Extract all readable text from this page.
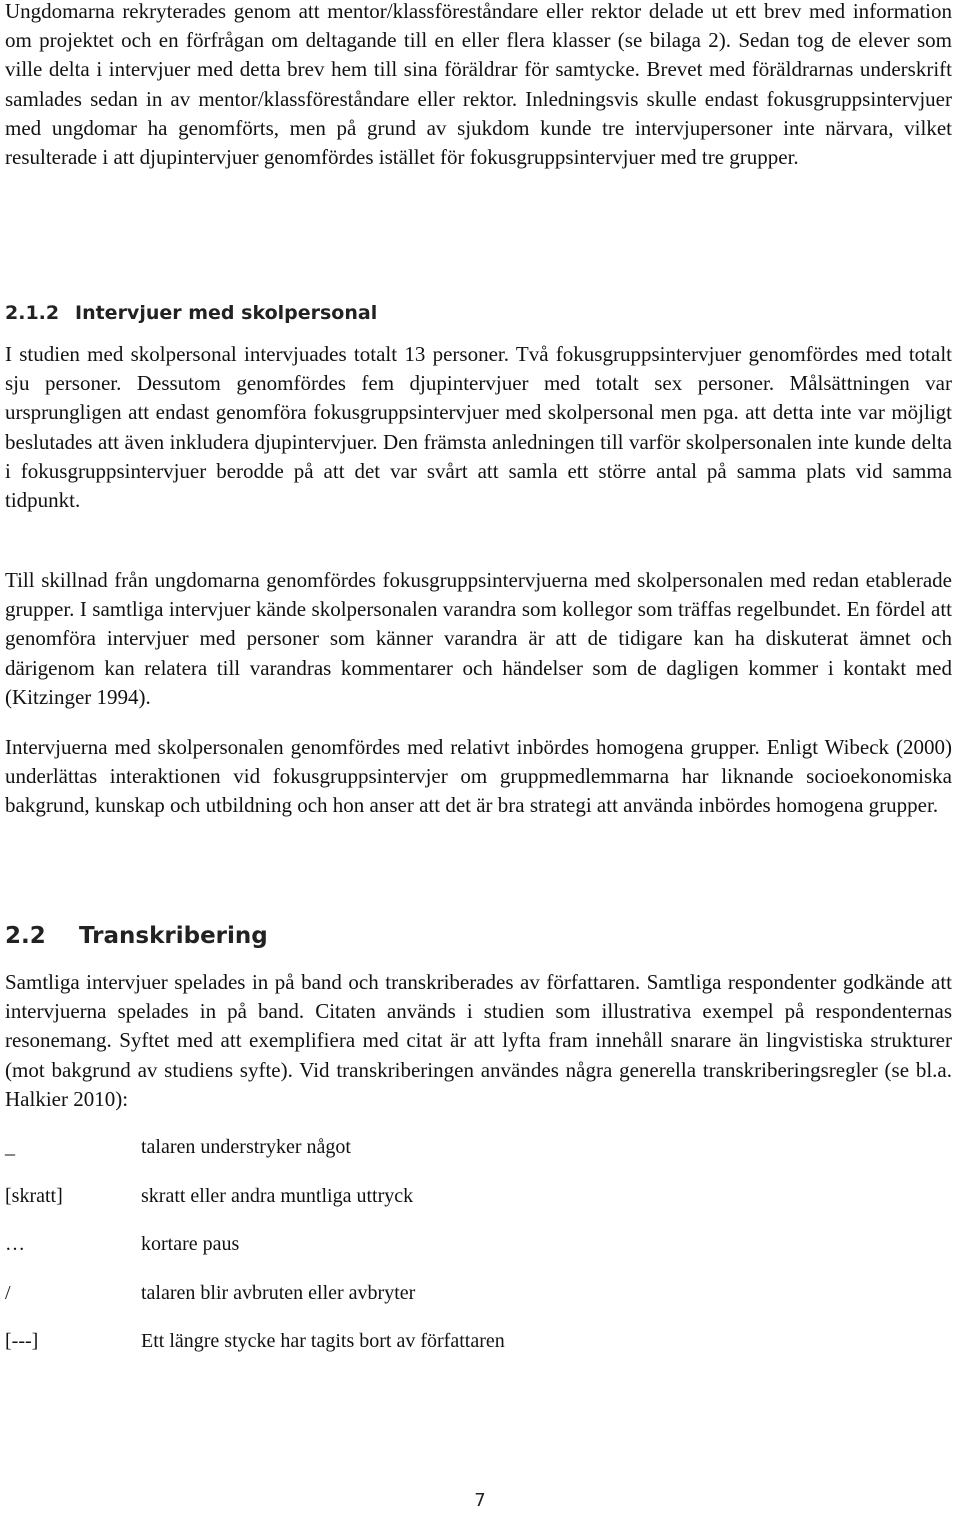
Ungdomarna rekryterades genom att mentor/klassföreståndare eller rektor delade ut ett brev med information om projektet och en förfrågan om deltagande till en eller flera klasser (se bilaga 2). Sedan tog de elever som ville delta i intervjuer med detta brev hem till sina föräldrar för samtycke. Brevet med föräldrarnas underskrift samlades sedan in av mentor/klassföreståndare eller rektor. Inledningsvis skulle endast fokusgruppsintervjuer med ungdomar ha genomförts, men på grund av sjukdom kunde tre intervjupersoner inte närvara, vilket resulterade i att djupintervjuer genomfördes istället för fokusgruppsintervjuer med tre grupper.

2.1.2 Intervjuer med skolpersonal

I studien med skolpersonal intervjuades totalt 13 personer. Två fokusgruppsintervjuer genomfördes med totalt sju personer. Dessutom genomfördes fem djupintervjuer med totalt sex personer. Målsättningen var ursprungligen att endast genomföra fokusgruppsintervjuer med skolpersonal men pga. att detta inte var möjligt beslutades att även inkludera djupintervjuer. Den främsta anledningen till varför skolpersonalen inte kunde delta i fokusgruppsintervjuer berodde på att det var svårt att samla ett större antal på samma plats vid samma tidpunkt.

Till skillnad från ungdomarna genomfördes fokusgruppsintervjuerna med skolpersonalen med redan etablerade grupper. I samtliga intervjuer kände skolpersonalen varandra som kollegor som träffas regelbundet. En fördel att genomföra intervjuer med personer som känner varandra är att de tidigare kan ha diskuterat ämnet och därigenom kan relatera till varandras kommentarer och händelser som de dagligen kommer i kontakt med (Kitzinger 1994).

Intervjuerna med skolpersonalen genomfördes med relativt inbördes homogena grupper. Enligt Wibeck (2000) underlättas interaktionen vid fokusgruppsintervjer om gruppmedlemmarna har liknande socioekonomiska bakgrund, kunskap och utbildning och hon anser att det är bra strategi att använda inbördes homogena grupper.

2.2 Transkribering

Samtliga intervjuer spelades in på band och transkriberades av författaren. Samtliga respondenter godkände att intervjuerna spelades in på band. Citaten används i studien som illustrativa exempel på respondenternas resonemang. Syftet med att exemplifiera med citat är att lyfta fram innehåll snarare än lingvistiska strukturer (mot bakgrund av studiens syfte). Vid transkriberingen användes några generella transkriberingsregler (se bl.a. Halkier 2010):

_	talaren understryker något
[skratt]	skratt eller andra muntliga uttryck
…	kortare paus
/	talaren blir avbruten eller avbryter
[---]	Ett längre stycke har tagits bort av författaren
7
